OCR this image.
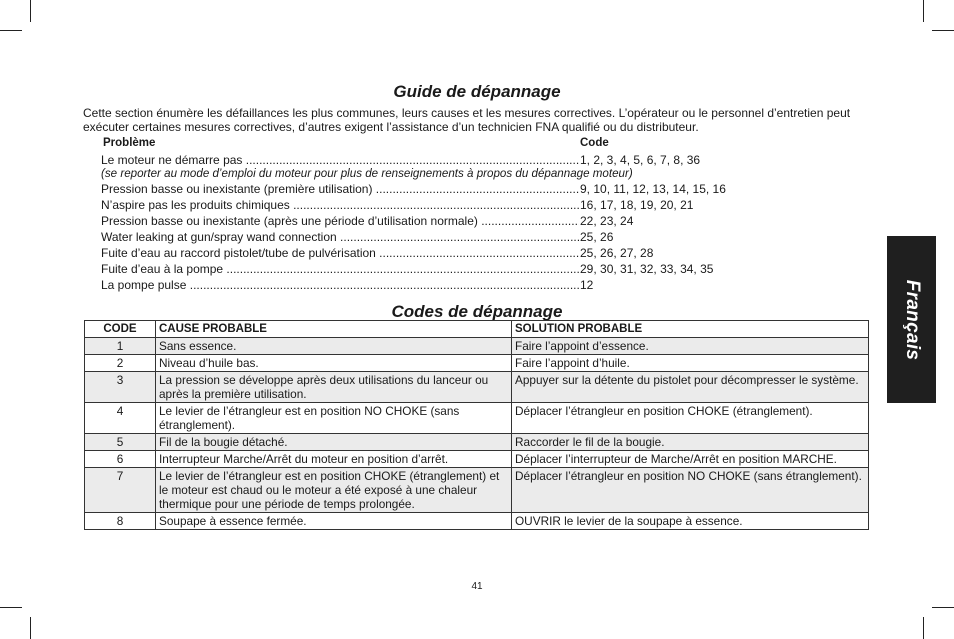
Français
Guide de dépannage
Cette section énumère les défaillances les plus communes, leurs causes et les mesures correctives. L’opérateur ou le personnel d’entretien peut exécuter certaines mesures correctives, d’autres exigent l’assistance d’un technicien FNA qualifié ou du distributeur.
Problème	Code
Le moteur ne démarre pas .....	1, 2, 3, 4, 5, 6, 7, 8, 36
(se reporter au mode d’emploi du moteur pour plus de renseignements à propos du dépannage moteur)
Pression basse ou inexistante (première utilisation) .....	9, 10, 11, 12, 13, 14, 15, 16
N’aspire pas les produits chimiques .....	16, 17, 18, 19, 20, 21
Pression basse ou inexistante (après une période d’utilisation normale) .....	22, 23, 24
Water leaking at gun/spray wand connection .....	25, 26
Fuite d’eau au raccord pistolet/tube de pulvérisation .....	25, 26, 27, 28
Fuite d’eau à la pompe .....	29, 30, 31, 32, 33, 34, 35
La pompe pulse .....	12
Codes de dépannage
CODE	CAUSE PROBABLE	SOLUTION PROBABLE
1	Sans essence.	Faire l’appoint d’essence.
2	Niveau d’huile bas.	Faire l’appoint d’huile.
3	La pression se développe après deux utilisations du lanceur ou après la première utilisation.	Appuyer sur la détente du pistolet pour décompresser le système.
4	Le levier de l’étrangleur est en position NO CHOKE (sans étranglement).	Déplacer l’étrangleur en position CHOKE (étranglement).
5	Fil de la bougie détaché.	Raccorder le fil de la bougie.
6	Interrupteur Marche/Arrêt du moteur en position d’arrêt.	Déplacer l’interrupteur de Marche/Arrêt en position MARCHE.
7	Le levier de l’étrangleur est en position CHOKE (étranglement) et le moteur est chaud ou le moteur a été exposé à une chaleur thermique pour une période de temps prolongée.	Déplacer l’étrangleur en position NO CHOKE (sans étranglement).
8	Soupape à essence fermée.	OUVRIR le levier de la soupape à essence.
41
